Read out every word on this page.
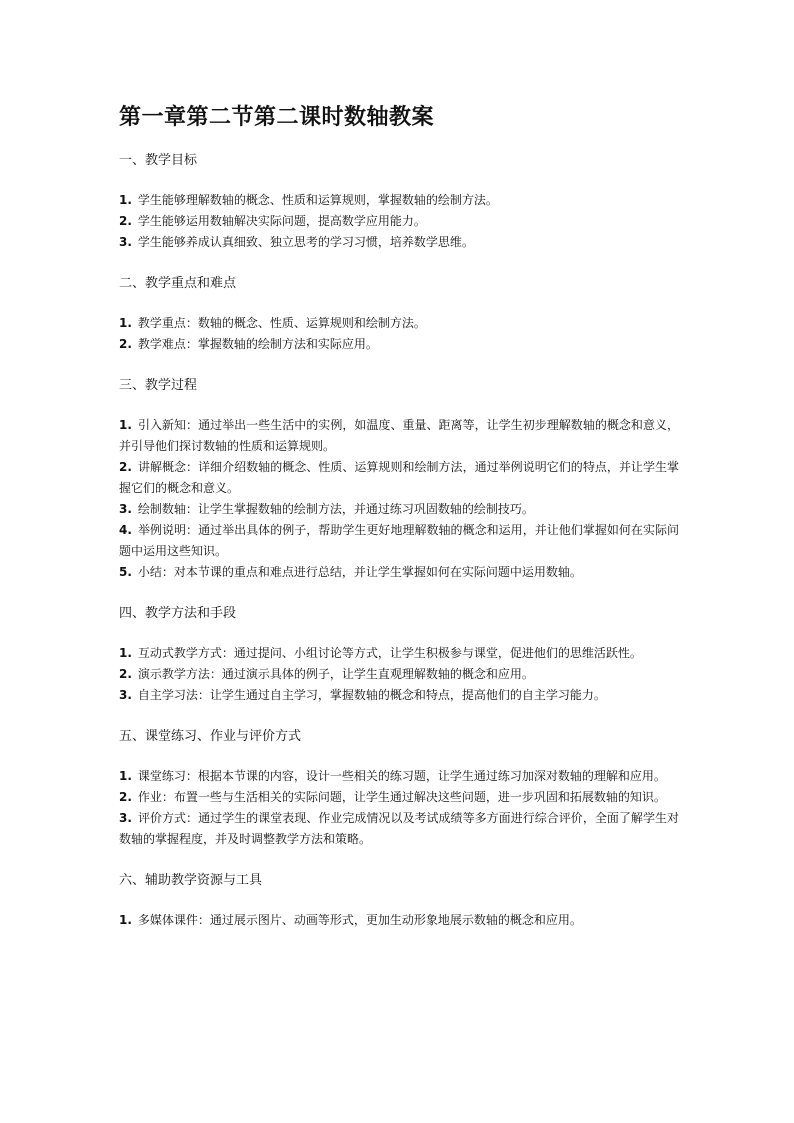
第一章第二节第二课时数轴教案

一、教学目标

1. 学生能够理解数轴的概念、性质和运算规则，掌握数轴的绘制方法。

2. 学生能够运用数轴解决实际问题，提高数学应用能力。

3. 学生能够养成认真细致、独立思考的学习习惯，培养数学思维。

二、教学重点和难点

1. 教学重点：数轴的概念、性质、运算规则和绘制方法。

2. 教学难点：掌握数轴的绘制方法和实际应用。

三、教学过程

1. 引入新知：通过举出一些生活中的实例，如温度、重量、距离等，让学生初步理解数轴的概念和意义，并引导他们探讨数轴的性质和运算规则。

2. 讲解概念：详细介绍数轴的概念、性质、运算规则和绘制方法，通过举例说明它们的特点，并让学生掌握它们的概念和意义。

3. 绘制数轴：让学生掌握数轴的绘制方法，并通过练习巩固数轴的绘制技巧。

4. 举例说明：通过举出具体的例子，帮助学生更好地理解数轴的概念和运用，并让他们掌握如何在实际问题中运用这些知识。

5. 小结：对本节课的重点和难点进行总结，并让学生掌握如何在实际问题中运用数轴。

四、教学方法和手段

1. 互动式教学方式：通过提问、小组讨论等方式，让学生积极参与课堂，促进他们的思维活跃性。

2. 演示教学方法：通过演示具体的例子，让学生直观理解数轴的概念和应用。

3. 自主学习法：让学生通过自主学习，掌握数轴的概念和特点，提高他们的自主学习能力。

五、课堂练习、作业与评价方式

1. 课堂练习：根据本节课的内容，设计一些相关的练习题，让学生通过练习加深对数轴的理解和应用。

2. 作业：布置一些与生活相关的实际问题，让学生通过解决这些问题，进一步巩固和拓展数轴的知识。

3. 评价方式：通过学生的课堂表现、作业完成情况以及考试成绩等多方面进行综合评价，全面了解学生对数轴的掌握程度，并及时调整教学方法和策略。

六、辅助教学资源与工具

1. 多媒体课件：通过展示图片、动画等形式，更加生动形象地展示数轴的概念和应用。
